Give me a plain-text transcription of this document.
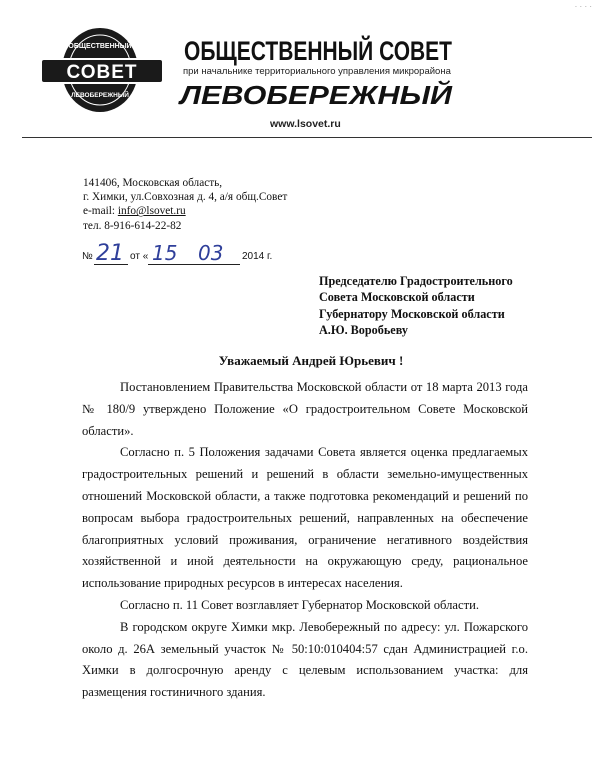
· · · ·
ОБЩЕСТВЕННЫЙ
СОВЕТ
ЛЕВОБЕРЕЖНЫЙ
ОБЩЕСТВЕННЫЙ СОВЕТ
при начальнике территориального управления микрорайона
ЛЕВОБЕРЕЖНЫЙ
www.lsovet.ru
141406, Московская область,
г. Химки, ул.Совхозная д. 4, а/я общ.Совет
e-mail: info@lsovet.ru
тел. 8-916-614-22-82
№ 21 от « 15 03 2014 г.
Председателю Градостроительного
Совета Московской области
Губернатору Московской области
А.Ю. Воробьеву
Уважаемый Андрей Юрьевич !

Постановлением Правительства Московской области от 18 марта 2013 года № 180/9 утверждено Положение «О градостроительном Совете Московской области».

Согласно п. 5 Положения задачами Совета является оценка предлагаемых градостроительных решений и решений в области земельно-имущественных отношений Московской области, а также подготовка рекомендаций и решений по вопросам выбора градостроительных решений, направленных на обеспечение благоприятных условий проживания, ограничение негативного воздействия хозяйственной и иной деятельности на окружающую среду, рациональное использование природных ресурсов в интересах населения.

Согласно п. 11 Совет возглавляет Губернатор Московской области.

В городском округе Химки мкр. Левобережный по адресу: ул. Пожарского около д. 26А земельный участок № 50:10:010404:57 сдан Администрацией г.о. Химки в долгосрочную аренду с целевым использованием участка: для размещения гостиничного здания.
